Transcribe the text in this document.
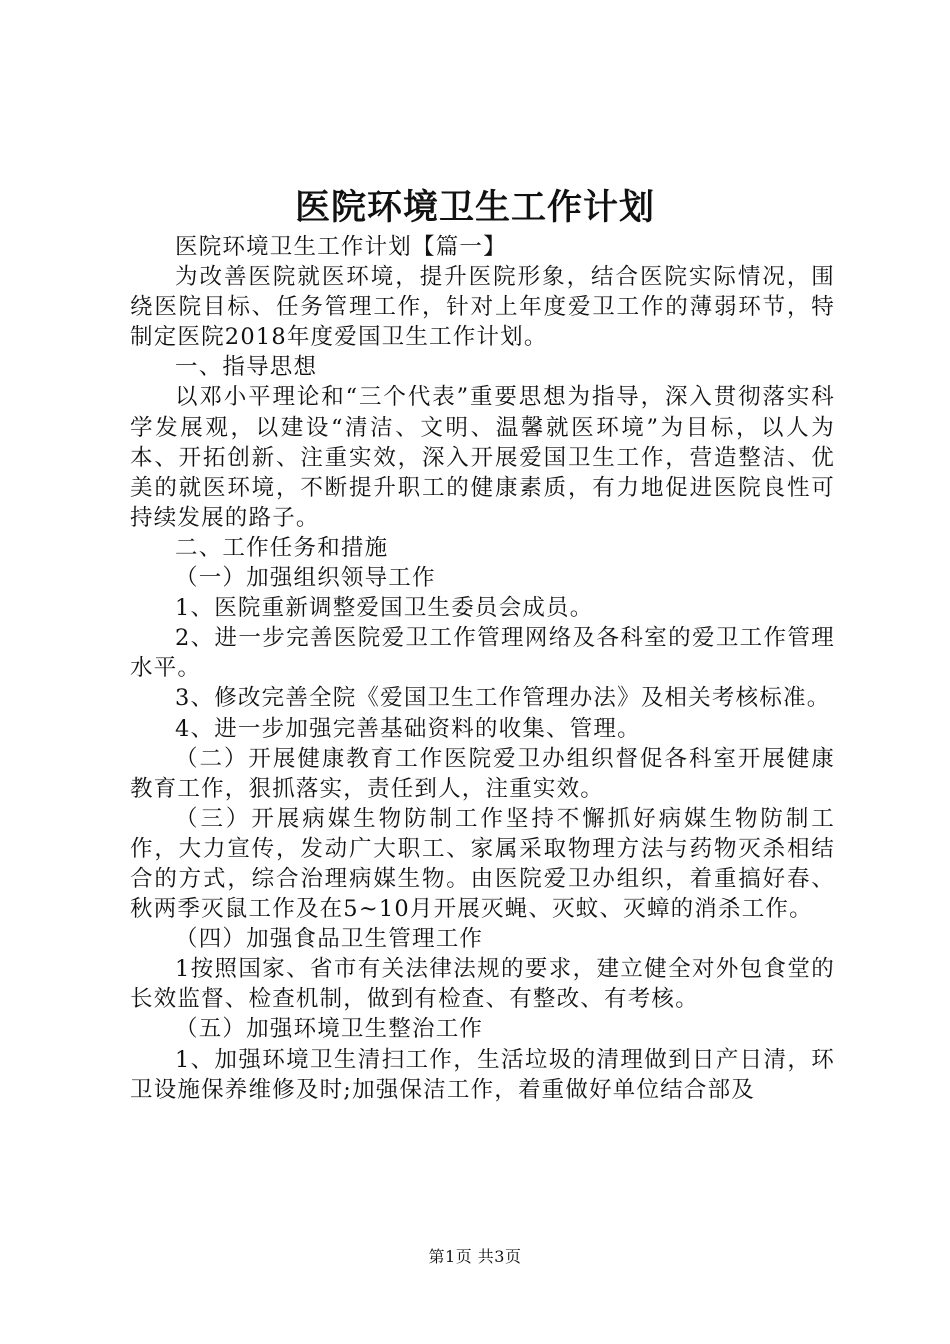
医院环境卫生工作计划

医院环境卫生工作计划【篇一】

为改善医院就医环境，提升医院形象，结合医院实际情况，围绕医院目标、任务管理工作，针对上年度爱卫工作的薄弱环节，特制定医院2018年度爱国卫生工作计划。

一、指导思想

以邓小平理论和“三个代表”重要思想为指导，深入贯彻落实科学发展观，以建设“清洁、文明、温馨就医环境”为目标，以人为本、开拓创新、注重实效，深入开展爱国卫生工作，营造整洁、优美的就医环境，不断提升职工的健康素质，有力地促进医院良性可持续发展的路子。

二、工作任务和措施

（一）加强组织领导工作

1、医院重新调整爱国卫生委员会成员。

2、进一步完善医院爱卫工作管理网络及各科室的爱卫工作管理水平。

3、修改完善全院《爱国卫生工作管理办法》及相关考核标准。

4、进一步加强完善基础资料的收集、管理。

（二）开展健康教育工作医院爱卫办组织督促各科室开展健康教育工作，狠抓落实，责任到人，注重实效。

（三）开展病媒生物防制工作坚持不懈抓好病媒生物防制工作，大力宣传，发动广大职工、家属采取物理方法与药物灭杀相结合的方式，综合治理病媒生物。由医院爱卫办组织，着重搞好春、秋两季灭鼠工作及在5~10月开展灭蝇、灭蚊、灭蟑的消杀工作。

（四）加强食品卫生管理工作

1按照国家、省市有关法律法规的要求，建立健全对外包食堂的长效监督、检查机制，做到有检查、有整改、有考核。

（五）加强环境卫生整治工作

1、加强环境卫生清扫工作，生活垃圾的清理做到日产日清，环卫设施保养维修及时;加强保洁工作，着重做好单位结合部及

第1页 共3页
